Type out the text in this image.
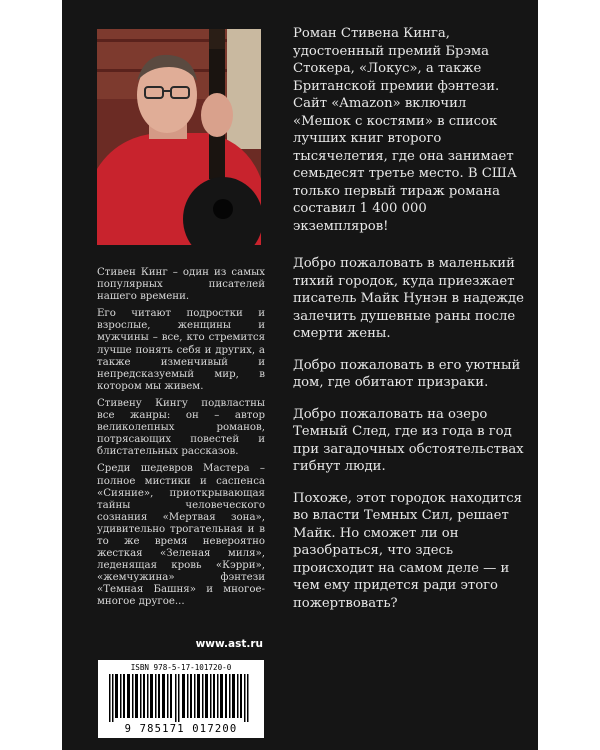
Стивен Кинг – один из самых популярных писателей нашего времени.

Его читают подростки и взрослые, женщины и мужчины – все, кто стремится лучше понять себя и других, а также изменчивый и непредсказуемый мир, в котором мы живем.

Стивену Кингу подвластны все жанры: он – автор великолепных романов, потрясающих повестей и блистательных рассказов.

Среди шедевров Мастера – полное мистики и саспенса «Сияние», приоткрывающая тайны человеческого сознания «Мертвая зона», удивительно трогательная и в то же время невероятно жесткая «Зеленая миля», леденящая кровь «Кэрри», «жемчужина» фэнтези «Темная Башня» и многое-многое другое...

Роман Стивена Кинга, удостоенный премий Брэма Стокера, «Локус», а также Британской премии фэнтези. Сайт «Amazon» включил «Мешок с костями» в список лучших книг второго тысячелетия, где она занимает семьдесят третье место. В США только первый тираж романа составил 1 400 000 экземпляров!

Добро пожаловать в маленький тихий городок, куда приезжает писатель Майк Нунэн в надежде залечить душевные раны после смерти жены.

Добро пожаловать в его уютный дом, где обитают призраки.

Добро пожаловать на озеро Темный След, где из года в год при загадочных обстоятельствах гибнут люди.

Похоже, этот городок находится во власти Темных Сил, решает Майк. Но сможет ли он разобраться, что здесь происходит на самом деле — и чем ему придется ради этого пожертвовать?

www.ast.ru
ISBN 978-5-17-101720-0
9 785171 017200
